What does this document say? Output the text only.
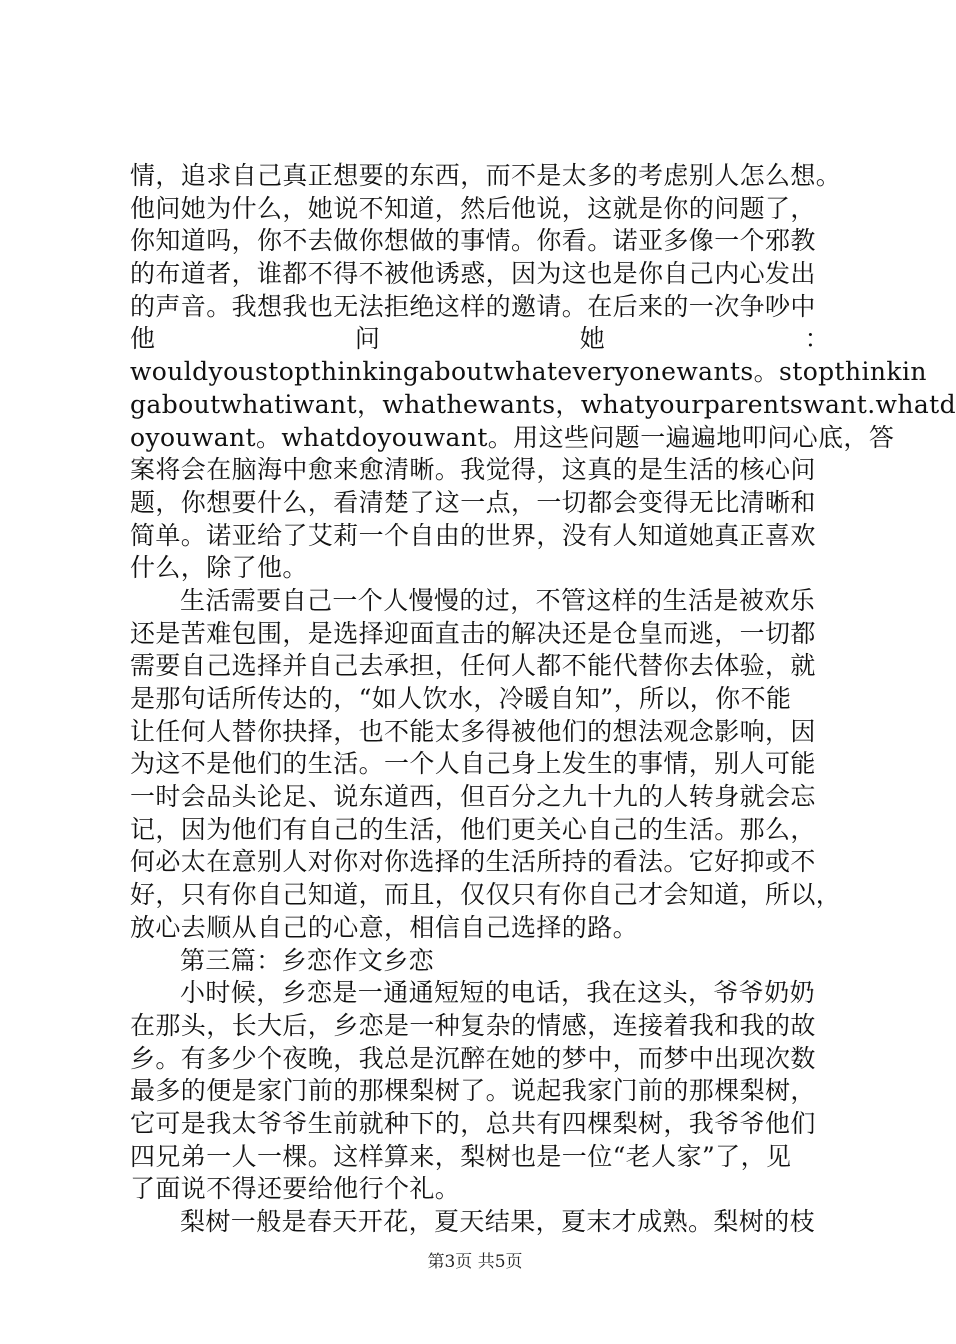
情，追求自己真正想要的东西，而不是太多的考虑别人怎么想。
他问她为什么，她说不知道，然后他说，这就是你的问题了，
你知道吗，你不去做你想做的事情。你看。诺亚多像一个邪教
的布道者，谁都不得不被他诱惑，因为这也是你自己内心发出
的声音。我想我也无法拒绝这样的邀请。在后来的一次争吵中
他	问	她	：
wouldyoustopthinkingaboutwhateveryonewants。stopthinkin
gaboutwhatiwant，whathewants，whatyourparentswant.whatd
oyouwant。whatdoyouwant。用这些问题一遍遍地叩问心底，答
案将会在脑海中愈来愈清晰。我觉得，这真的是生活的核心问
题，你想要什么，看清楚了这一点，一切都会变得无比清晰和
简单。诺亚给了艾莉一个自由的世界，没有人知道她真正喜欢
什么，除了他。
生活需要自己一个人慢慢的过，不管这样的生活是被欢乐
还是苦难包围，是选择迎面直击的解决还是仓皇而逃，一切都
需要自己选择并自己去承担，任何人都不能代替你去体验，就
是那句话所传达的，“如人饮水，冷暖自知”，所以，你不能
让任何人替你抉择，也不能太多得被他们的想法观念影响，因
为这不是他们的生活。一个人自己身上发生的事情，别人可能
一时会品头论足、说东道西，但百分之九十九的人转身就会忘
记，因为他们有自己的生活，他们更关心自己的生活。那么，
何必太在意别人对你对你选择的生活所持的看法。它好抑或不
好，只有你自己知道，而且，仅仅只有你自己才会知道，所以，
放心去顺从自己的心意，相信自己选择的路。
第三篇：乡恋作文乡恋
小时候，乡恋是一通通短短的电话，我在这头，爷爷奶奶
在那头，长大后，乡恋是一种复杂的情感，连接着我和我的故
乡。有多少个夜晚，我总是沉醉在她的梦中，而梦中出现次数
最多的便是家门前的那棵梨树了。说起我家门前的那棵梨树，
它可是我太爷爷生前就种下的，总共有四棵梨树，我爷爷他们
四兄弟一人一棵。这样算来，梨树也是一位“老人家”了，见
了面说不得还要给他行个礼。
梨树一般是春天开花，夏天结果，夏末才成熟。梨树的枝
第3页 共5页
